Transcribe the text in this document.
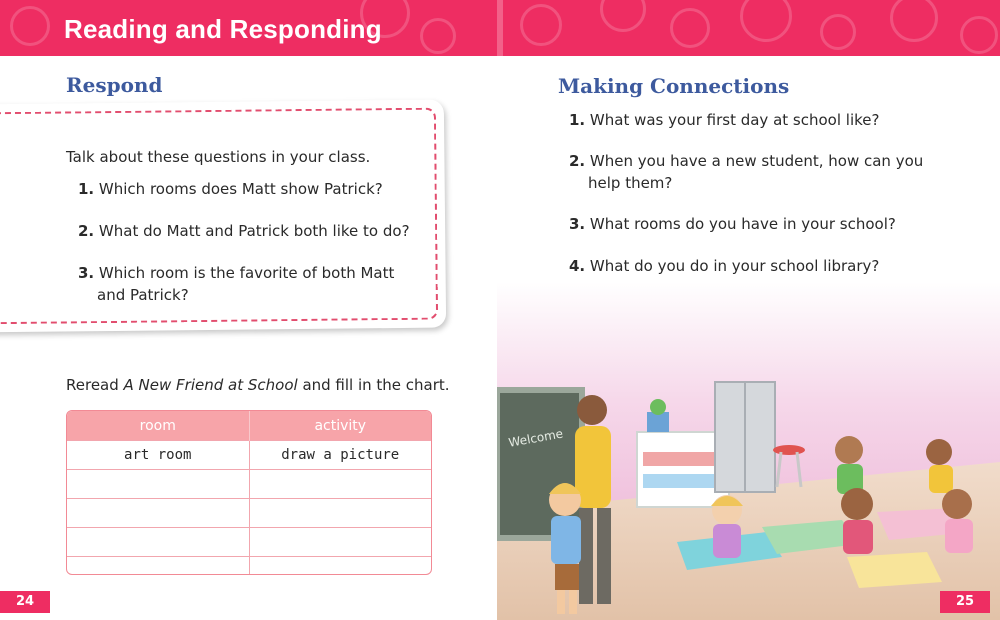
Reading and Responding
Respond
Talk about these questions in your class.
1. Which rooms does Matt show Patrick?
2. What do Matt and Patrick both like to do?
3. Which room is the favorite of both Matt and Patrick?
Reread A New Friend at School and fill in the chart.
room	activity
art room	draw a picture

24
Making Connections
1. What was your first day at school like?
2. When you have a new student, how can you help them?
3. What rooms do you have in your school?
4. What do you do in your school library?
Welcome
25
